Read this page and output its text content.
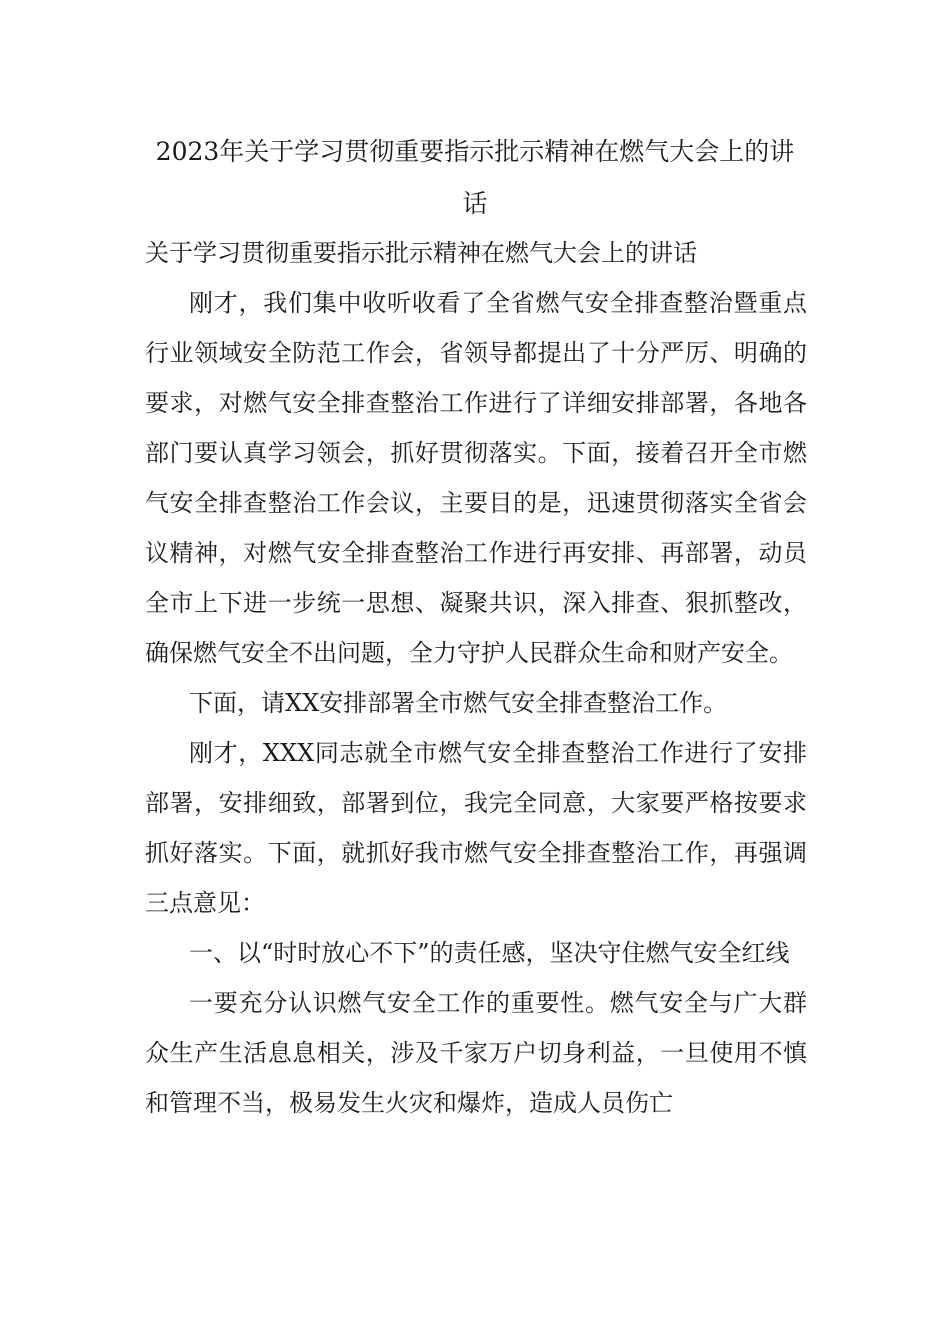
2023年关于学习贯彻重要指示批示精神在燃气大会上的讲
话

关于学习贯彻重要指示批示精神在燃气大会上的讲话

刚才，我们集中收听收看了全省燃气安全排查整治暨重点行业领域安全防范工作会，省领导都提出了十分严厉、明确的要求，对燃气安全排查整治工作进行了详细安排部署，各地各部门要认真学习领会，抓好贯彻落实。下面，接着召开全市燃气安全排查整治工作会议，主要目的是，迅速贯彻落实全省会议精神，对燃气安全排查整治工作进行再安排、再部署，动员全市上下进一步统一思想、凝聚共识，深入排查、狠抓整改，确保燃气安全不出问题，全力守护人民群众生命和财产安全。

下面，请XX安排部署全市燃气安全排查整治工作。

刚才，XXX同志就全市燃气安全排查整治工作进行了安排部署，安排细致，部署到位，我完全同意，大家要严格按要求抓好落实。下面，就抓好我市燃气安全排查整治工作，再强调三点意见：

一、以“时时放心不下”的责任感，坚决守住燃气安全红线

一要充分认识燃气安全工作的重要性。燃气安全与广大群众生产生活息息相关，涉及千家万户切身利益，一旦使用不慎和管理不当，极易发生火灾和爆炸，造成人员伤亡
